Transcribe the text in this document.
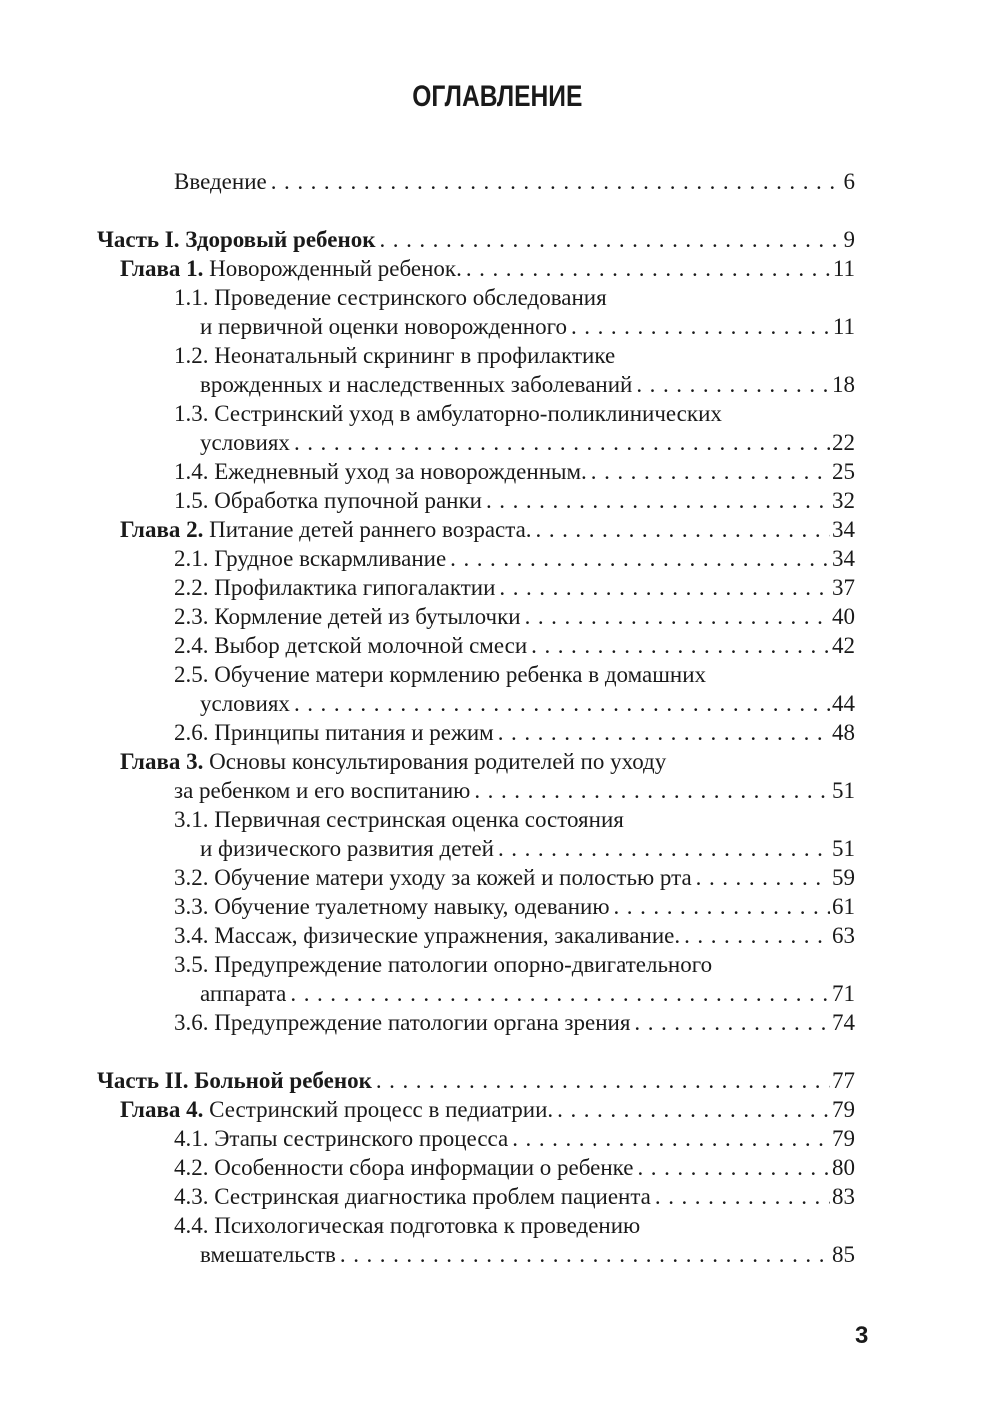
ОГЛАВЛЕНИЕ
Введение . . .	6
Часть I. Здоровый ребенок . . .	9
Глава 1. Новорожденный ребенок. . . .	11
1.1. Проведение сестринского обследования
и первичной оценки новорожденного . . .	11
1.2. Неонатальный скрининг в профилактике
врожденных и наследственных заболеваний . . .	18
1.3. Сестринский уход в амбулаторно-поликлинических
условиях . . .	22
1.4. Ежедневный уход за новорожденным. . . .	25
1.5. Обработка пупочной ранки . . .	32
Глава 2. Питание детей раннего возраста. . . .	34
2.1. Грудное вскармливание . . .	34
2.2. Профилактика гипогалактии . . .	37
2.3. Кормление детей из бутылочки . . .	40
2.4. Выбор детской молочной смеси . . .	42
2.5. Обучение матери кормлению ребенка в домашних
условиях . . .	44
2.6. Принципы питания и режим . . .	48
Глава 3. Основы консультирования родителей по уходу
за ребенком и его воспитанию . . .	51
3.1. Первичная сестринская оценка состояния
и физического развития детей . . .	51
3.2. Обучение матери уходу за кожей и полостью рта . . .	59
3.3. Обучение туалетному навыку, одеванию . . .	61
3.4. Массаж, физические упражнения, закаливание. . . .	63
3.5. Предупреждение патологии опорно-двигательного
аппарата . . .	71
3.6. Предупреждение патологии органа зрения . . .	74
Часть II. Больной ребенок . . .	77
Глава 4. Сестринский процесс в педиатрии. . . .	79
4.1. Этапы сестринского процесса . . .	79
4.2. Особенности сбора информации о ребенке . . .	80
4.3. Сестринская диагностика проблем пациента . . .	83
4.4. Психологическая подготовка к проведению
вмешательств . . .	85
3
